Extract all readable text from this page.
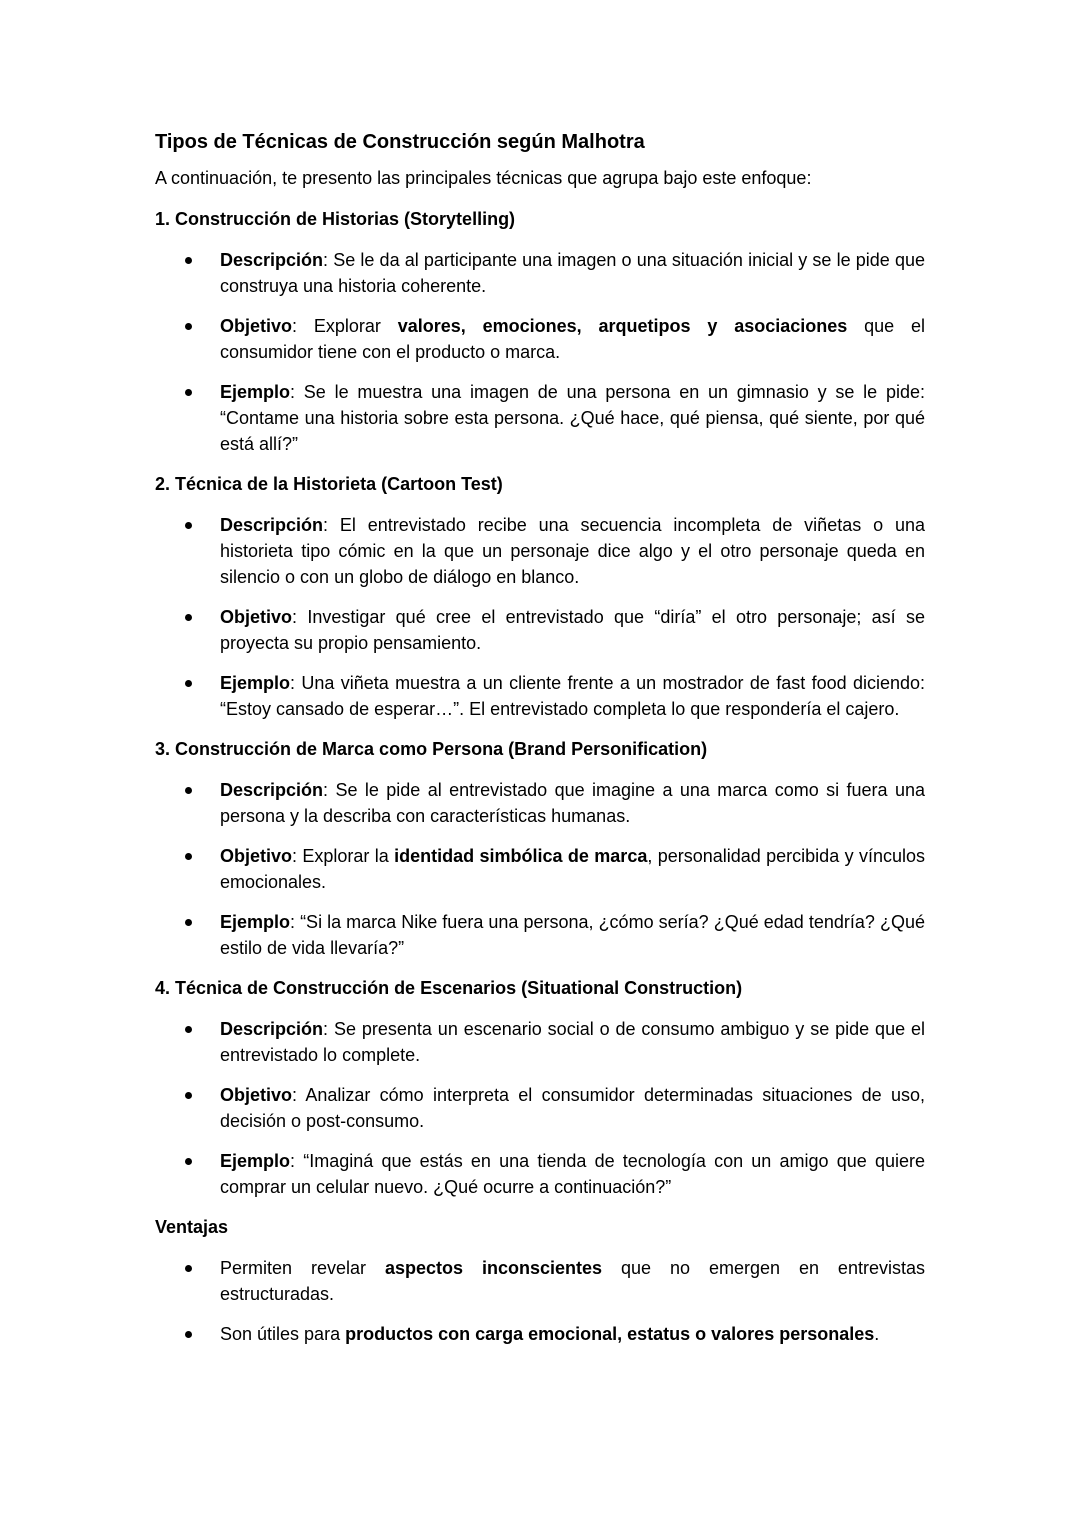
Tipos de Técnicas de Construcción según Malhotra
A continuación, te presento las principales técnicas que agrupa bajo este enfoque:
1. Construcción de Historias (Storytelling)
Descripción: Se le da al participante una imagen o una situación inicial y se le pide que construya una historia coherente.
Objetivo: Explorar valores, emociones, arquetipos y asociaciones que el consumidor tiene con el producto o marca.
Ejemplo: Se le muestra una imagen de una persona en un gimnasio y se le pide: “Contame una historia sobre esta persona. ¿Qué hace, qué piensa, qué siente, por qué está allí?”
2. Técnica de la Historieta (Cartoon Test)
Descripción: El entrevistado recibe una secuencia incompleta de viñetas o una historieta tipo cómic en la que un personaje dice algo y el otro personaje queda en silencio o con un globo de diálogo en blanco.
Objetivo: Investigar qué cree el entrevistado que “diría” el otro personaje; así se proyecta su propio pensamiento.
Ejemplo: Una viñeta muestra a un cliente frente a un mostrador de fast food diciendo: “Estoy cansado de esperar…”. El entrevistado completa lo que respondería el cajero.
3. Construcción de Marca como Persona (Brand Personification)
Descripción: Se le pide al entrevistado que imagine a una marca como si fuera una persona y la describa con características humanas.
Objetivo: Explorar la identidad simbólica de marca, personalidad percibida y vínculos emocionales.
Ejemplo: “Si la marca Nike fuera una persona, ¿cómo sería? ¿Qué edad tendría? ¿Qué estilo de vida llevaría?”
4. Técnica de Construcción de Escenarios (Situational Construction)
Descripción: Se presenta un escenario social o de consumo ambiguo y se pide que el entrevistado lo complete.
Objetivo: Analizar cómo interpreta el consumidor determinadas situaciones de uso, decisión o post-consumo.
Ejemplo: “Imaginá que estás en una tienda de tecnología con un amigo que quiere comprar un celular nuevo. ¿Qué ocurre a continuación?”
Ventajas
Permiten revelar aspectos inconscientes que no emergen en entrevistas estructuradas.
Son útiles para productos con carga emocional, estatus o valores personales.
